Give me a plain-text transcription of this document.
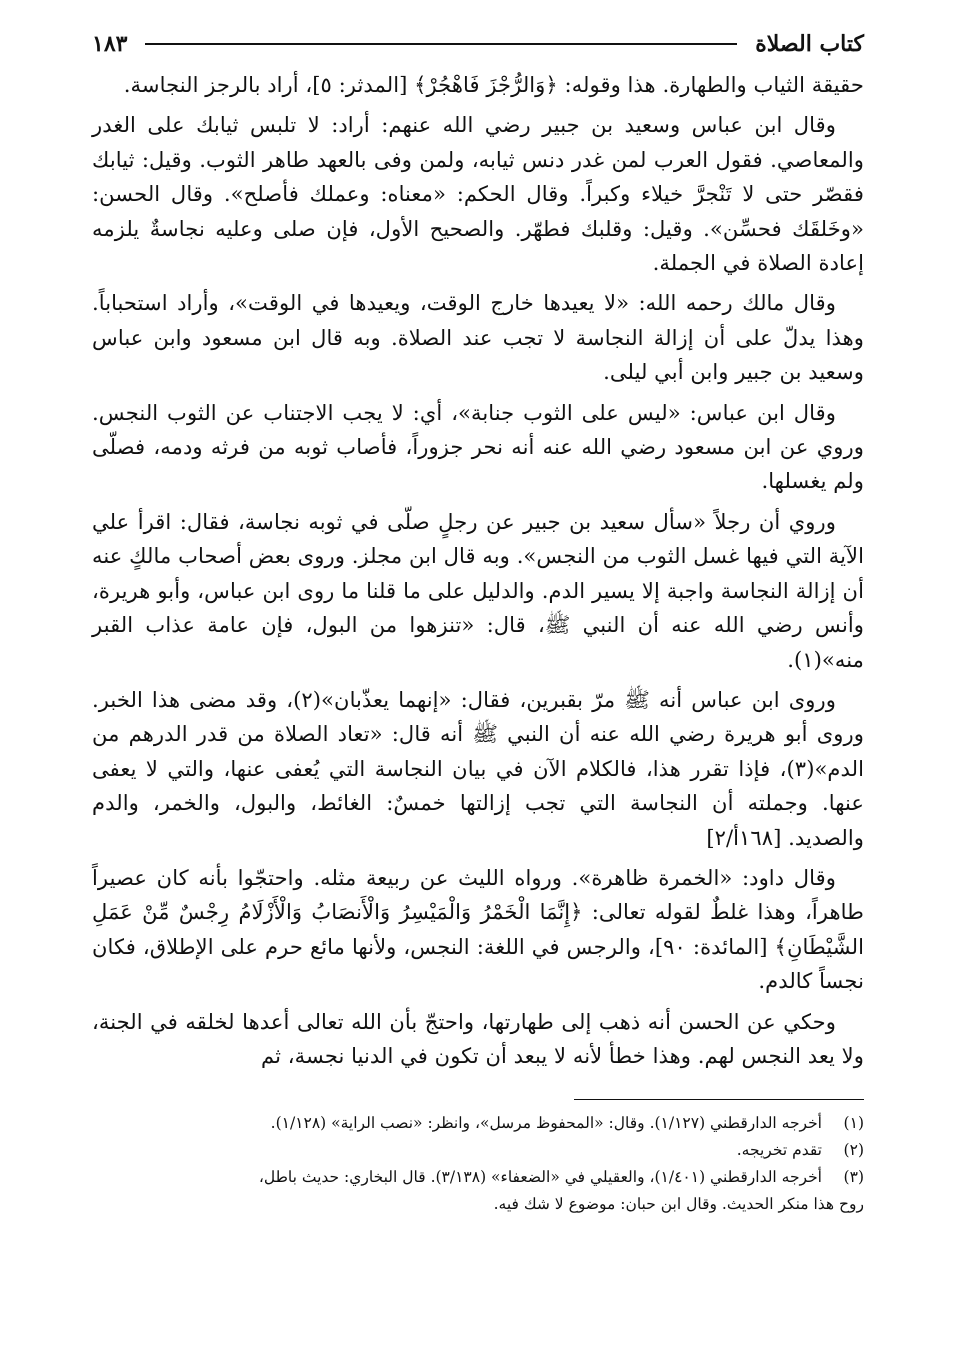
كتاب الصلاة
١٨٣

حقيقة الثياب والطهارة. هذا وقوله: ﴿وَالرُّجْزَ فَاهْجُرْ﴾ [المدثر: ٥]، أراد بالرجز النجاسة.

وقال ابن عباس وسعيد بن جبير رضي الله عنهم: أراد: لا تلبس ثيابك على الغدر والمعاصي. فقول العرب لمن غدر دنس ثيابه، ولمن وفى بالعهد طاهر الثوب. وقيل: ثيابك فقصّر حتى لا تَنْجرَّ خيلاء وكبراً. وقال الحكم: «معناه: وعملك فأصلح». وقال الحسن: «وخَلقَك فحسِّن». وقيل: وقلبك فطهّر. والصحيح الأول، فإن صلى وعليه نجاسةٌ يلزمه إعادة الصلاة في الجملة.

وقال مالك رحمه الله: «لا يعيدها خارج الوقت، ويعيدها في الوقت»، وأراد استحباباً. وهذا يدلّ على أن إزالة النجاسة لا تجب عند الصلاة. وبه قال ابن مسعود وابن عباس وسعيد بن جبير وابن أبي ليلى.

وقال ابن عباس: «ليس على الثوب جنابة»، أي: لا يجب الاجتناب عن الثوب النجس. وروي عن ابن مسعود رضي الله عنه أنه نحر جزوراً، فأصاب ثوبه من فرثه ودمه، فصلّى ولم يغسلها.

وروي أن رجلاً «سأل سعيد بن جبير عن رجلٍ صلّى في ثوبه نجاسة، فقال: اقرأ علي الآية التي فيها غسل الثوب من النجس». وبه قال ابن مجلز. وروى بعض أصحاب مالكٍ عنه أن إزالة النجاسة واجبة إلا يسير الدم. والدليل على ما قلنا ما روى ابن عباس، وأبو هريرة، وأنس رضي الله عنه أن النبي ﷺ، قال: «تنزهوا من البول، فإن عامة عذاب القبر منه»(١).

وروى ابن عباس أنه ﷺ مرّ بقبرين، فقال: «إنهما يعذّبان»(٢)، وقد مضى هذا الخبر. وروى أبو هريرة رضي الله عنه أن النبي ﷺ أنه قال: «تعاد الصلاة من قدر الدرهم من الدم»(٣)، فإذا تقرر هذا، فالكلام الآن في بيان النجاسة التي يُعفى عنها، والتي لا يعفى عنها. وجملته أن النجاسة التي تجب إزالتها خمسٌ: الغائط، والبول، والخمر، والدم والصديد. [١٦٨أ/٢]

وقال داود: «الخمرة ظاهرة». ورواه الليث عن ربيعة مثله. واحتجّوا بأنه كان عصيراً طاهراً، وهذا غلطٌ لقوله تعالى: ﴿إِنَّمَا الْخَمْرُ وَالْمَيْسِرُ وَالْأَنصَابُ وَالْأَزْلَامُ رِجْسٌ مِّنْ عَمَلِ الشَّيْطَانِ﴾ [المائدة: ٩٠]، والرجس في اللغة: النجس، ولأنها مائع حرم على الإطلاق، فكان نجساً كالدم.

وحكي عن الحسن أنه ذهب إلى طهارتها، واحتجّ بأن الله تعالى أعدها لخلقه في الجنة، ولا يعد النجس لهم. وهذا خطأ لأنه لا يبعد أن تكون في الدنيا نجسة، ثم

(١)
أخرجه الدارقطني (١/١٢٧). وقال: «المحفوظ مرسل»، وانظر: «نصب الراية» (١/١٢٨).
(٢)
تقدم تخريجه.
(٣)
أخرجه الدارقطني (١/٤٠١)، والعقيلي في «الضعفاء» (٣/١٣٨). قال البخاري: حديث باطل،
روح هذا منكر الحديث. وقال ابن حبان: موضوع لا شك فيه.
